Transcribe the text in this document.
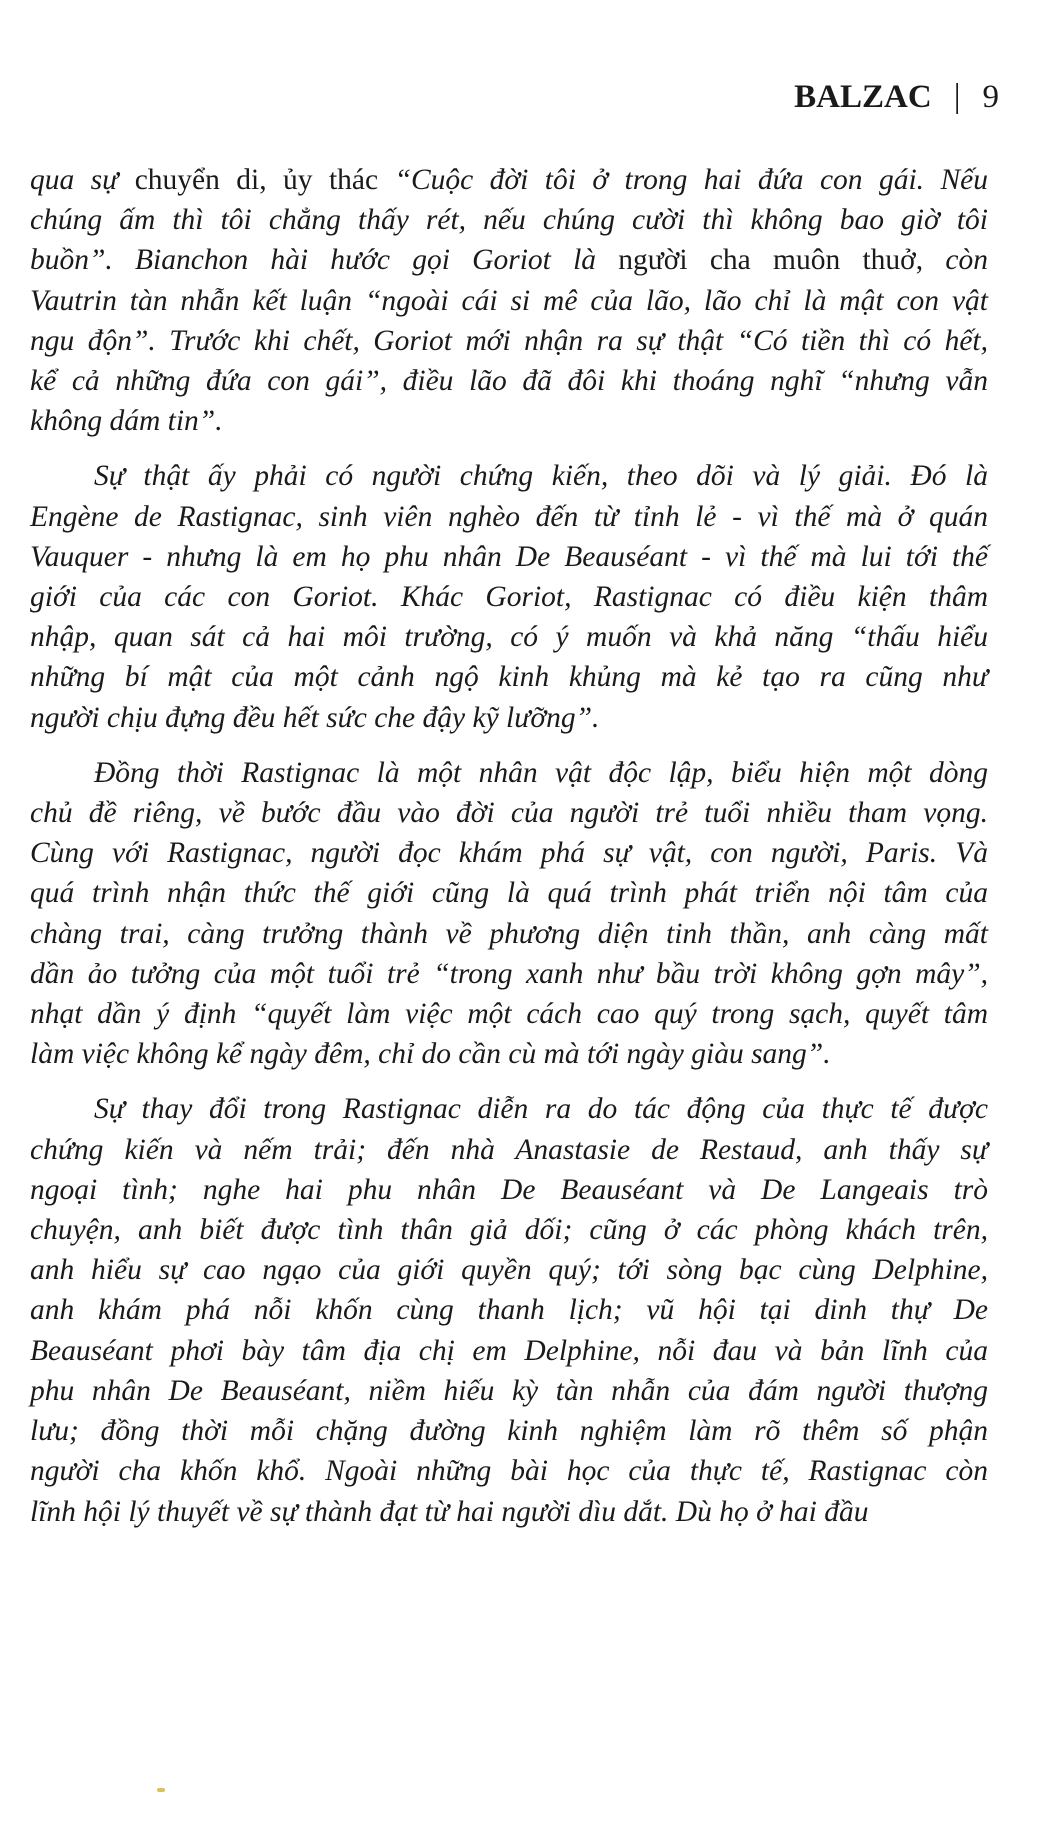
BALZAC | 9

qua sự chuyển di, ủy thác “Cuộc đời tôi ở trong hai đứa con gái. Nếu
chúng ấm thì tôi chẳng thấy rét, nếu chúng cười thì không bao giờ tôi
buồn”. Bianchon hài hước gọi Goriot là người cha muôn thuở, còn
Vautrin tàn nhẫn kết luận “ngoài cái si mê của lão, lão chỉ là mật con vật
ngu độn”. Trước khi chết, Goriot mới nhận ra sự thật “Có tiền thì có hết,
kể cả những đứa con gái”, điều lão đã đôi khi thoáng nghĩ “nhưng vẫn
không dám tin”.

Sự thật ấy phải có người chứng kiến, theo dõi và lý giải. Đó là
Engène de Rastignac, sinh viên nghèo đến từ tỉnh lẻ - vì thế mà ở quán
Vauquer - nhưng là em họ phu nhân De Beauséant - vì thế mà lui tới thế
giới của các con Goriot. Khác Goriot, Rastignac có điều kiện thâm
nhập, quan sát cả hai môi trường, có ý muốn và khả năng “thấu hiểu
những bí mật của một cảnh ngộ kinh khủng mà kẻ tạo ra cũng như
người chịu đựng đều hết sức che đậy kỹ lưỡng”.

Đồng thời Rastignac là một nhân vật độc lập, biểu hiện một dòng
chủ đề riêng, về bước đầu vào đời của người trẻ tuổi nhiều tham vọng.
Cùng với Rastignac, người đọc khám phá sự vật, con người, Paris. Và
quá trình nhận thức thế giới cũng là quá trình phát triển nội tâm của
chàng trai, càng trưởng thành về phương diện tinh thần, anh càng mất
dần ảo tưởng của một tuổi trẻ “trong xanh như bầu trời không gợn mây”,
nhạt dần ý định “quyết làm việc một cách cao quý trong sạch, quyết tâm
làm việc không kể ngày đêm, chỉ do cần cù mà tới ngày giàu sang”.

Sự thay đổi trong Rastignac diễn ra do tác động của thực tế được
chứng kiến và nếm trải; đến nhà Anastasie de Restaud, anh thấy sự
ngoại tình; nghe hai phu nhân De Beauséant và De Langeais trò
chuyện, anh biết được tình thân giả dối; cũng ở các phòng khách trên,
anh hiểu sự cao ngạo của giới quyền quý; tới sòng bạc cùng Delphine,
anh khám phá nỗi khốn cùng thanh lịch; vũ hội tại dinh thự De
Beauséant phơi bày tâm địa chị em Delphine, nỗi đau và bản lĩnh của
phu nhân De Beauséant, niềm hiếu kỳ tàn nhẫn của đám người thượng
lưu; đồng thời mỗi chặng đường kinh nghiệm làm rõ thêm số phận
người cha khốn khổ. Ngoài những bài học của thực tế, Rastignac còn
lĩnh hội lý thuyết về sự thành đạt từ hai người dìu dắt. Dù họ ở hai đầu
